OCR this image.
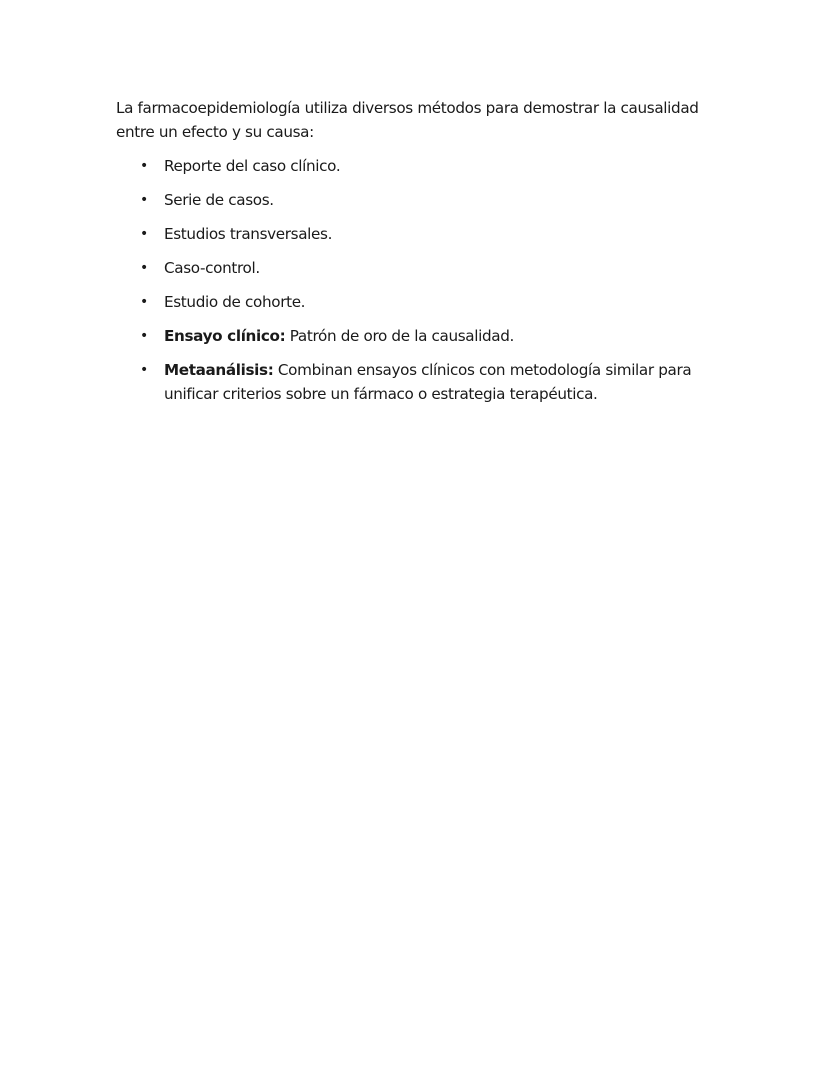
La farmacoepidemiología utiliza diversos métodos para demostrar la causalidad entre un efecto y su causa:

• Reporte del caso clínico.
• Serie de casos.
• Estudios transversales.
• Caso-control.
• Estudio de cohorte.
• Ensayo clínico: Patrón de oro de la causalidad.
• Metaanálisis: Combinan ensayos clínicos con metodología similar para unificar criterios sobre un fármaco o estrategia terapéutica.
